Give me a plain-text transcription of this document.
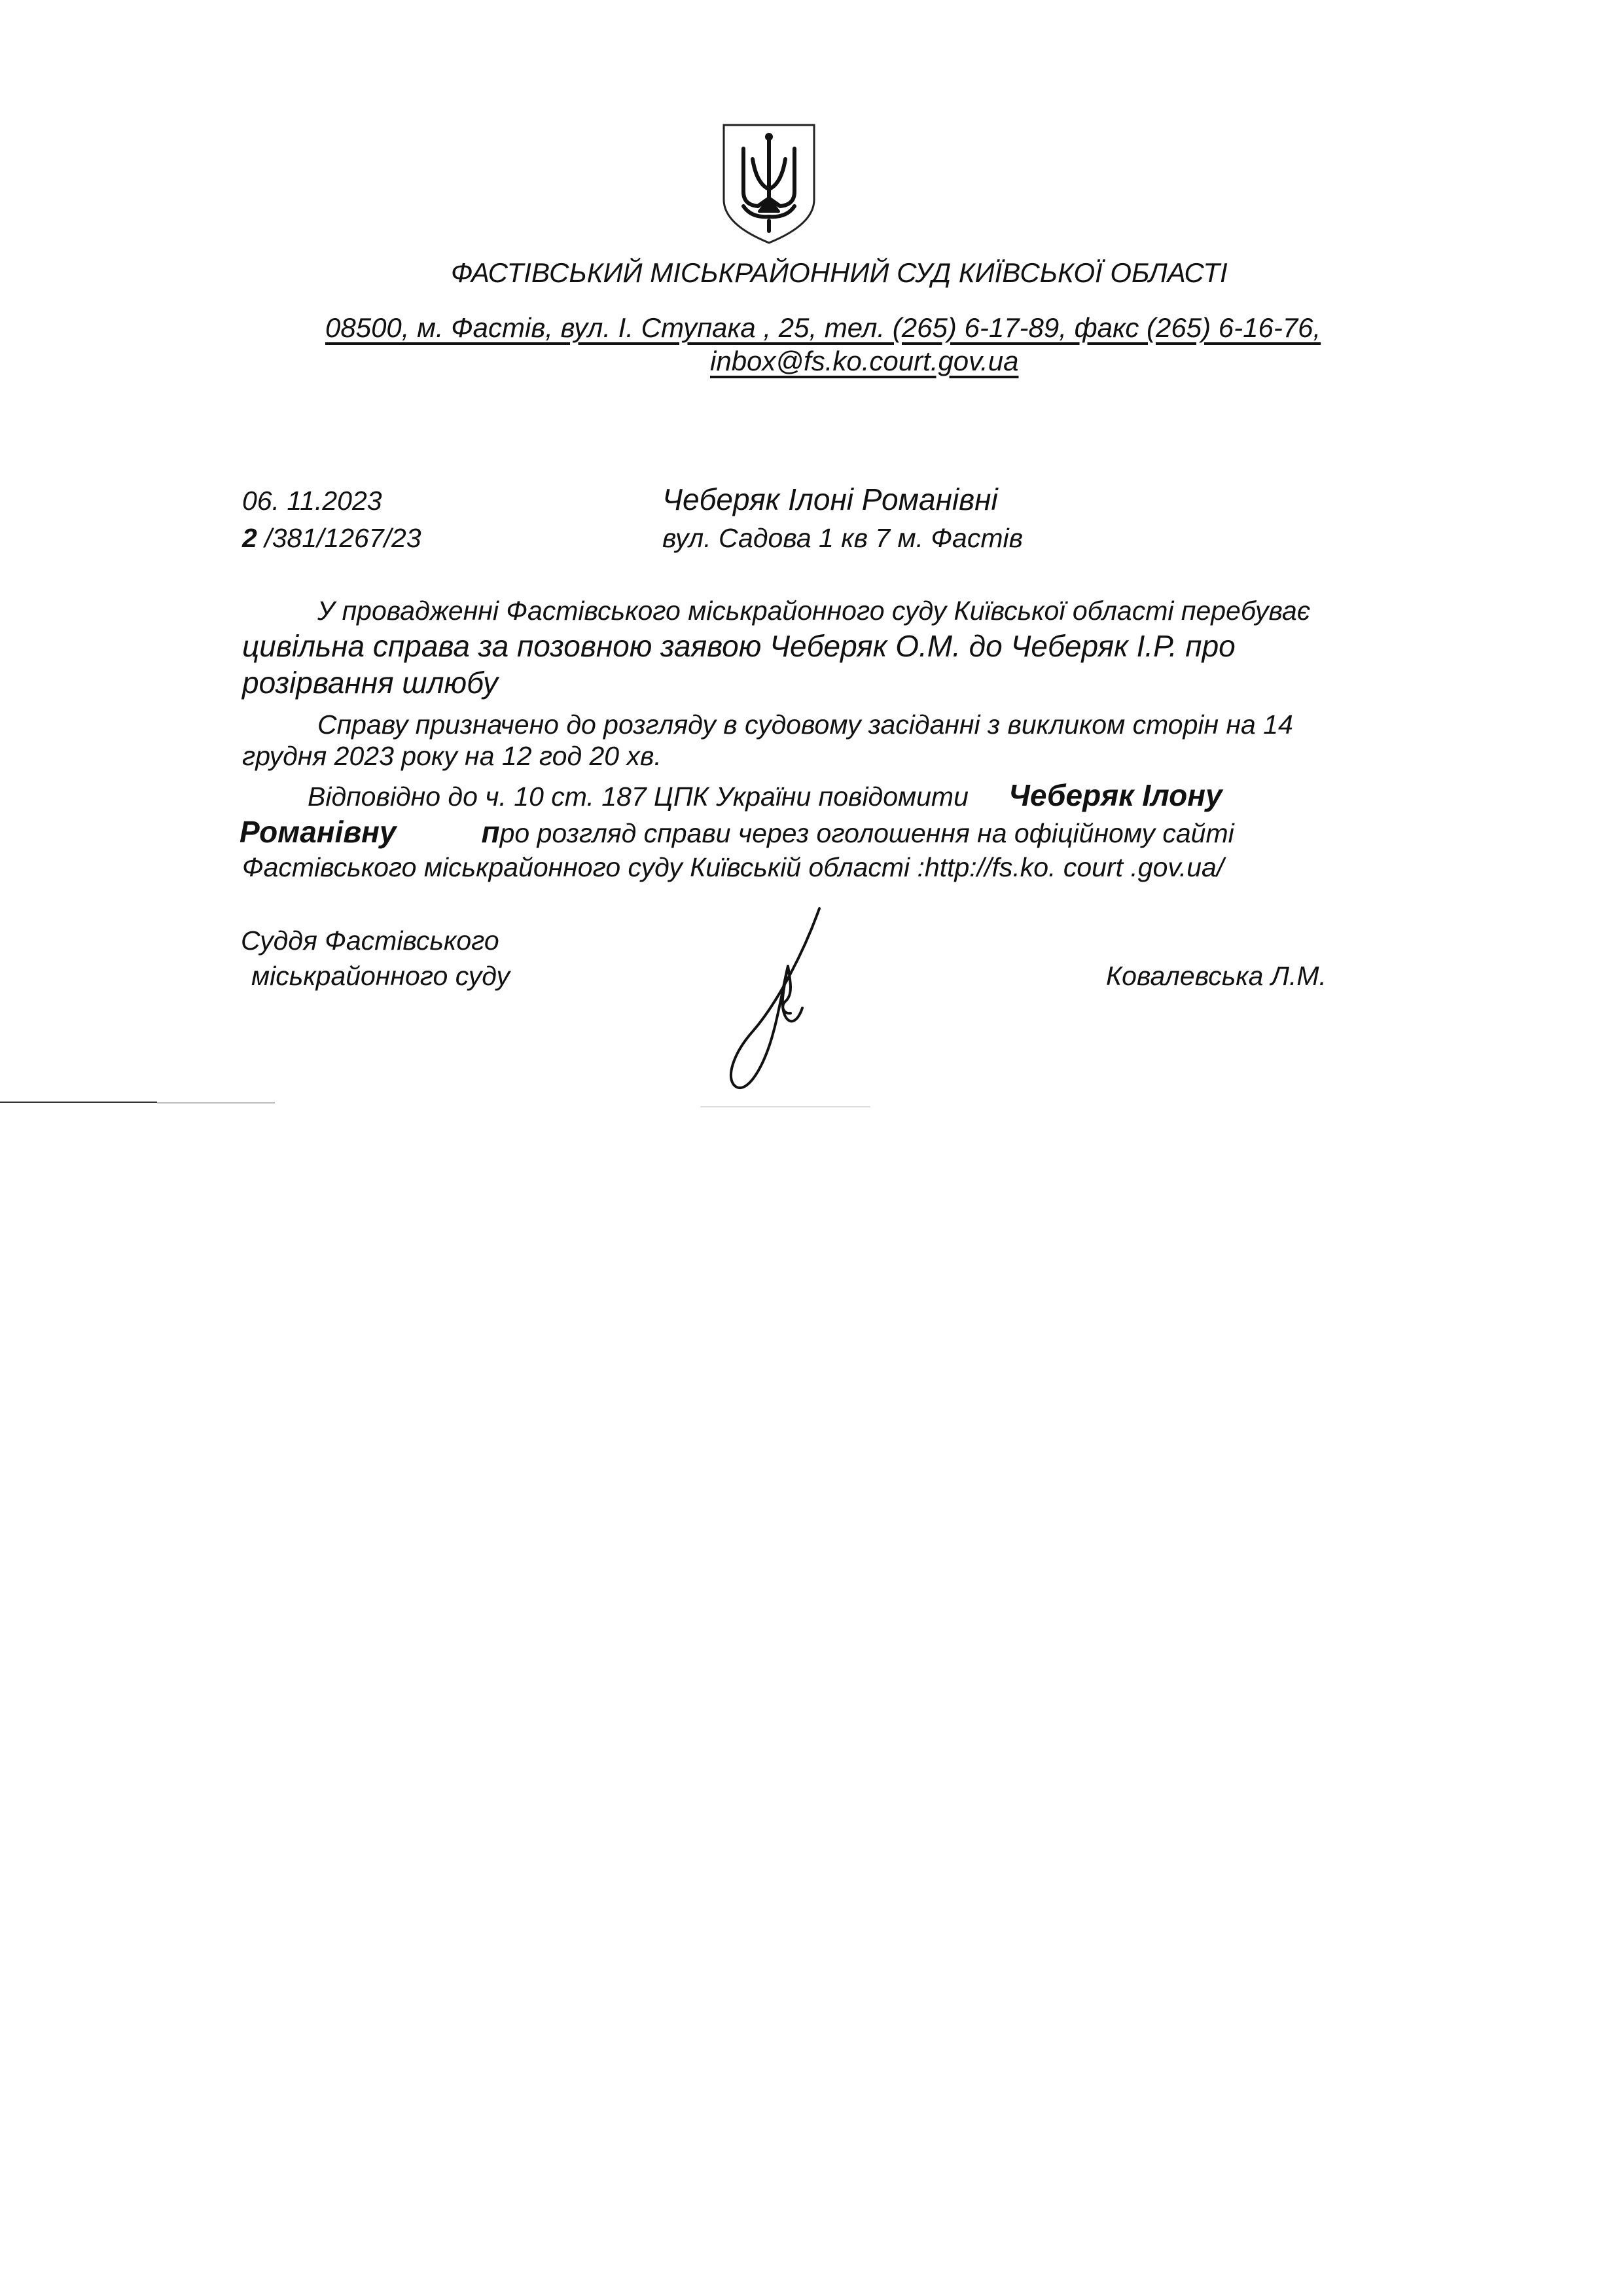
ФАСТІВСЬКИЙ МІСЬКРАЙОННИЙ СУД КИЇВСЬКОЇ ОБЛАСТІ
08500, м. Фастів, вул. І. Ступака , 25, тел. (265) 6-17-89, факс (265) 6-16-76,
inbox@fs.ko.court.gov.ua
06. 11.2023
2 /381/1267/23
Чеберяк Ілоні Романівні
вул. Садова 1 кв 7 м. Фастів
У провадженні Фастівського міськрайонного суду Київської області перебуває
цивільна справа за позовною заявою Чеберяк О.М. до Чеберяк І.Р. про
розірвання шлюбу
Справу призначено до розгляду в судовому засіданні з викликом сторін на 14
грудня 2023 року на 12 год 20 хв.
Відповідно до ч. 10 ст. 187 ЦПК України повідомити Чеберяк Ілону
Романівну	про розгляд справи через оголошення на офіційному сайті
Фастівського міськрайонного суду Київській області :http://fs.ko. court .gov.ua/
Суддя Фастівського
міськрайонного суду	Ковалевська Л.М.
